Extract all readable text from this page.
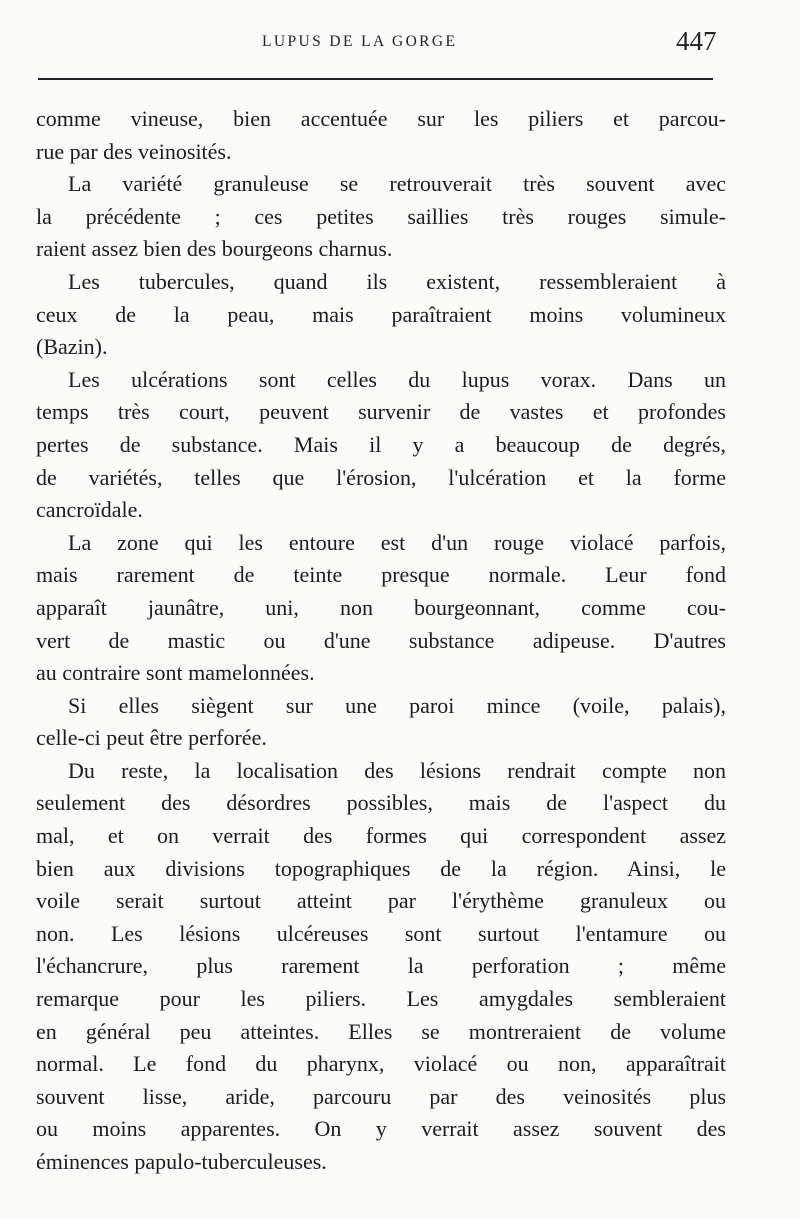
LUPUS DE LA GORGE	447
comme vineuse, bien accentuée sur les piliers et parcou-
rue par des veinosités.
La variété granuleuse se retrouverait très souvent avec
la précédente ; ces petites saillies très rouges simule-
raient assez bien des bourgeons charnus.
Les tubercules, quand ils existent, ressembleraient à
ceux de la peau, mais paraîtraient moins volumineux
(Bazin).
Les ulcérations sont celles du lupus vorax. Dans un
temps très court, peuvent survenir de vastes et profondes
pertes de substance. Mais il y a beaucoup de degrés,
de variétés, telles que l'érosion, l'ulcération et la forme
cancroïdale.
La zone qui les entoure est d'un rouge violacé parfois,
mais rarement de teinte presque normale. Leur fond
apparaît jaunâtre, uni, non bourgeonnant, comme cou-
vert de mastic ou d'une substance adipeuse. D'autres
au contraire sont mamelonnées.
Si elles siègent sur une paroi mince (voile, palais),
celle-ci peut être perforée.
Du reste, la localisation des lésions rendrait compte non
seulement des désordres possibles, mais de l'aspect du
mal, et on verrait des formes qui correspondent assez
bien aux divisions topographiques de la région. Ainsi, le
voile serait surtout atteint par l'érythème granuleux ou
non. Les lésions ulcéreuses sont surtout l'entamure ou
l'échancrure, plus rarement la perforation ; même
remarque pour les piliers. Les amygdales sembleraient
en général peu atteintes. Elles se montreraient de volume
normal. Le fond du pharynx, violacé ou non, apparaîtrait
souvent lisse, aride, parcouru par des veinosités plus
ou moins apparentes. On y verrait assez souvent des
éminences papulo-tuberculeuses.
